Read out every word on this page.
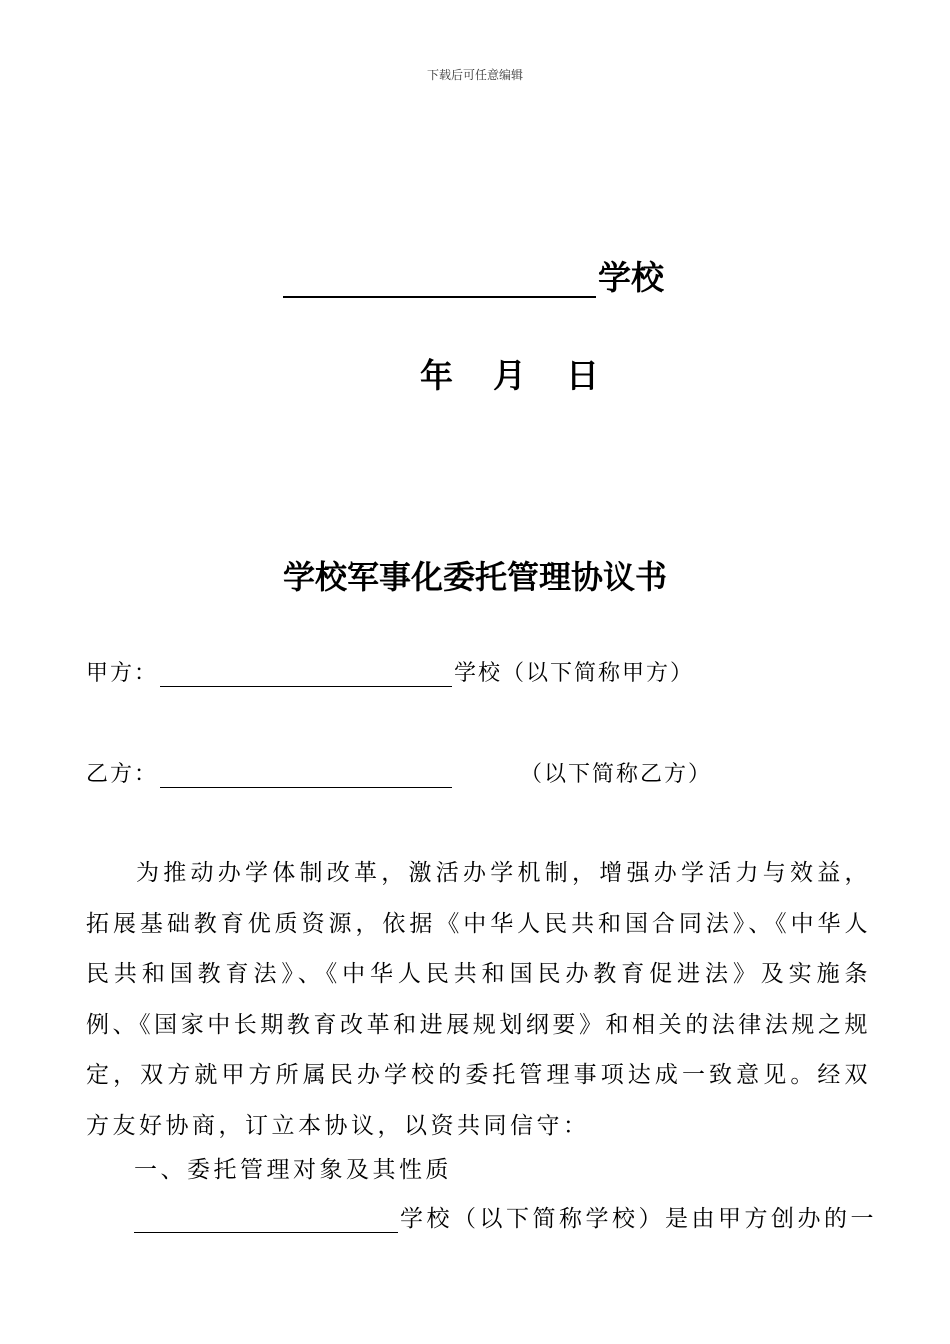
下载后可任意编辑
学校
年 月 日
学校军事化委托管理协议书
甲方：	学校（以下简称甲方）
乙方：	（以下简称乙方）

为推动办学体制改革，激活办学机制，增强办学活力与效益，拓展基础教育优质资源，依据《中华人民共和国合同法》、《中华人民共和国教育法》、《中华人民共和国民办教育促进法》及实施条例、《国家中长期教育改革和进展规划纲要》和相关的法律法规之规定，双方就甲方所属民办学校的委托管理事项达成一致意见。经双方友好协商，订立本协议，以资共同信守：

一、委托管理对象及其性质
学校（以下简称学校）是由甲方创办的一
